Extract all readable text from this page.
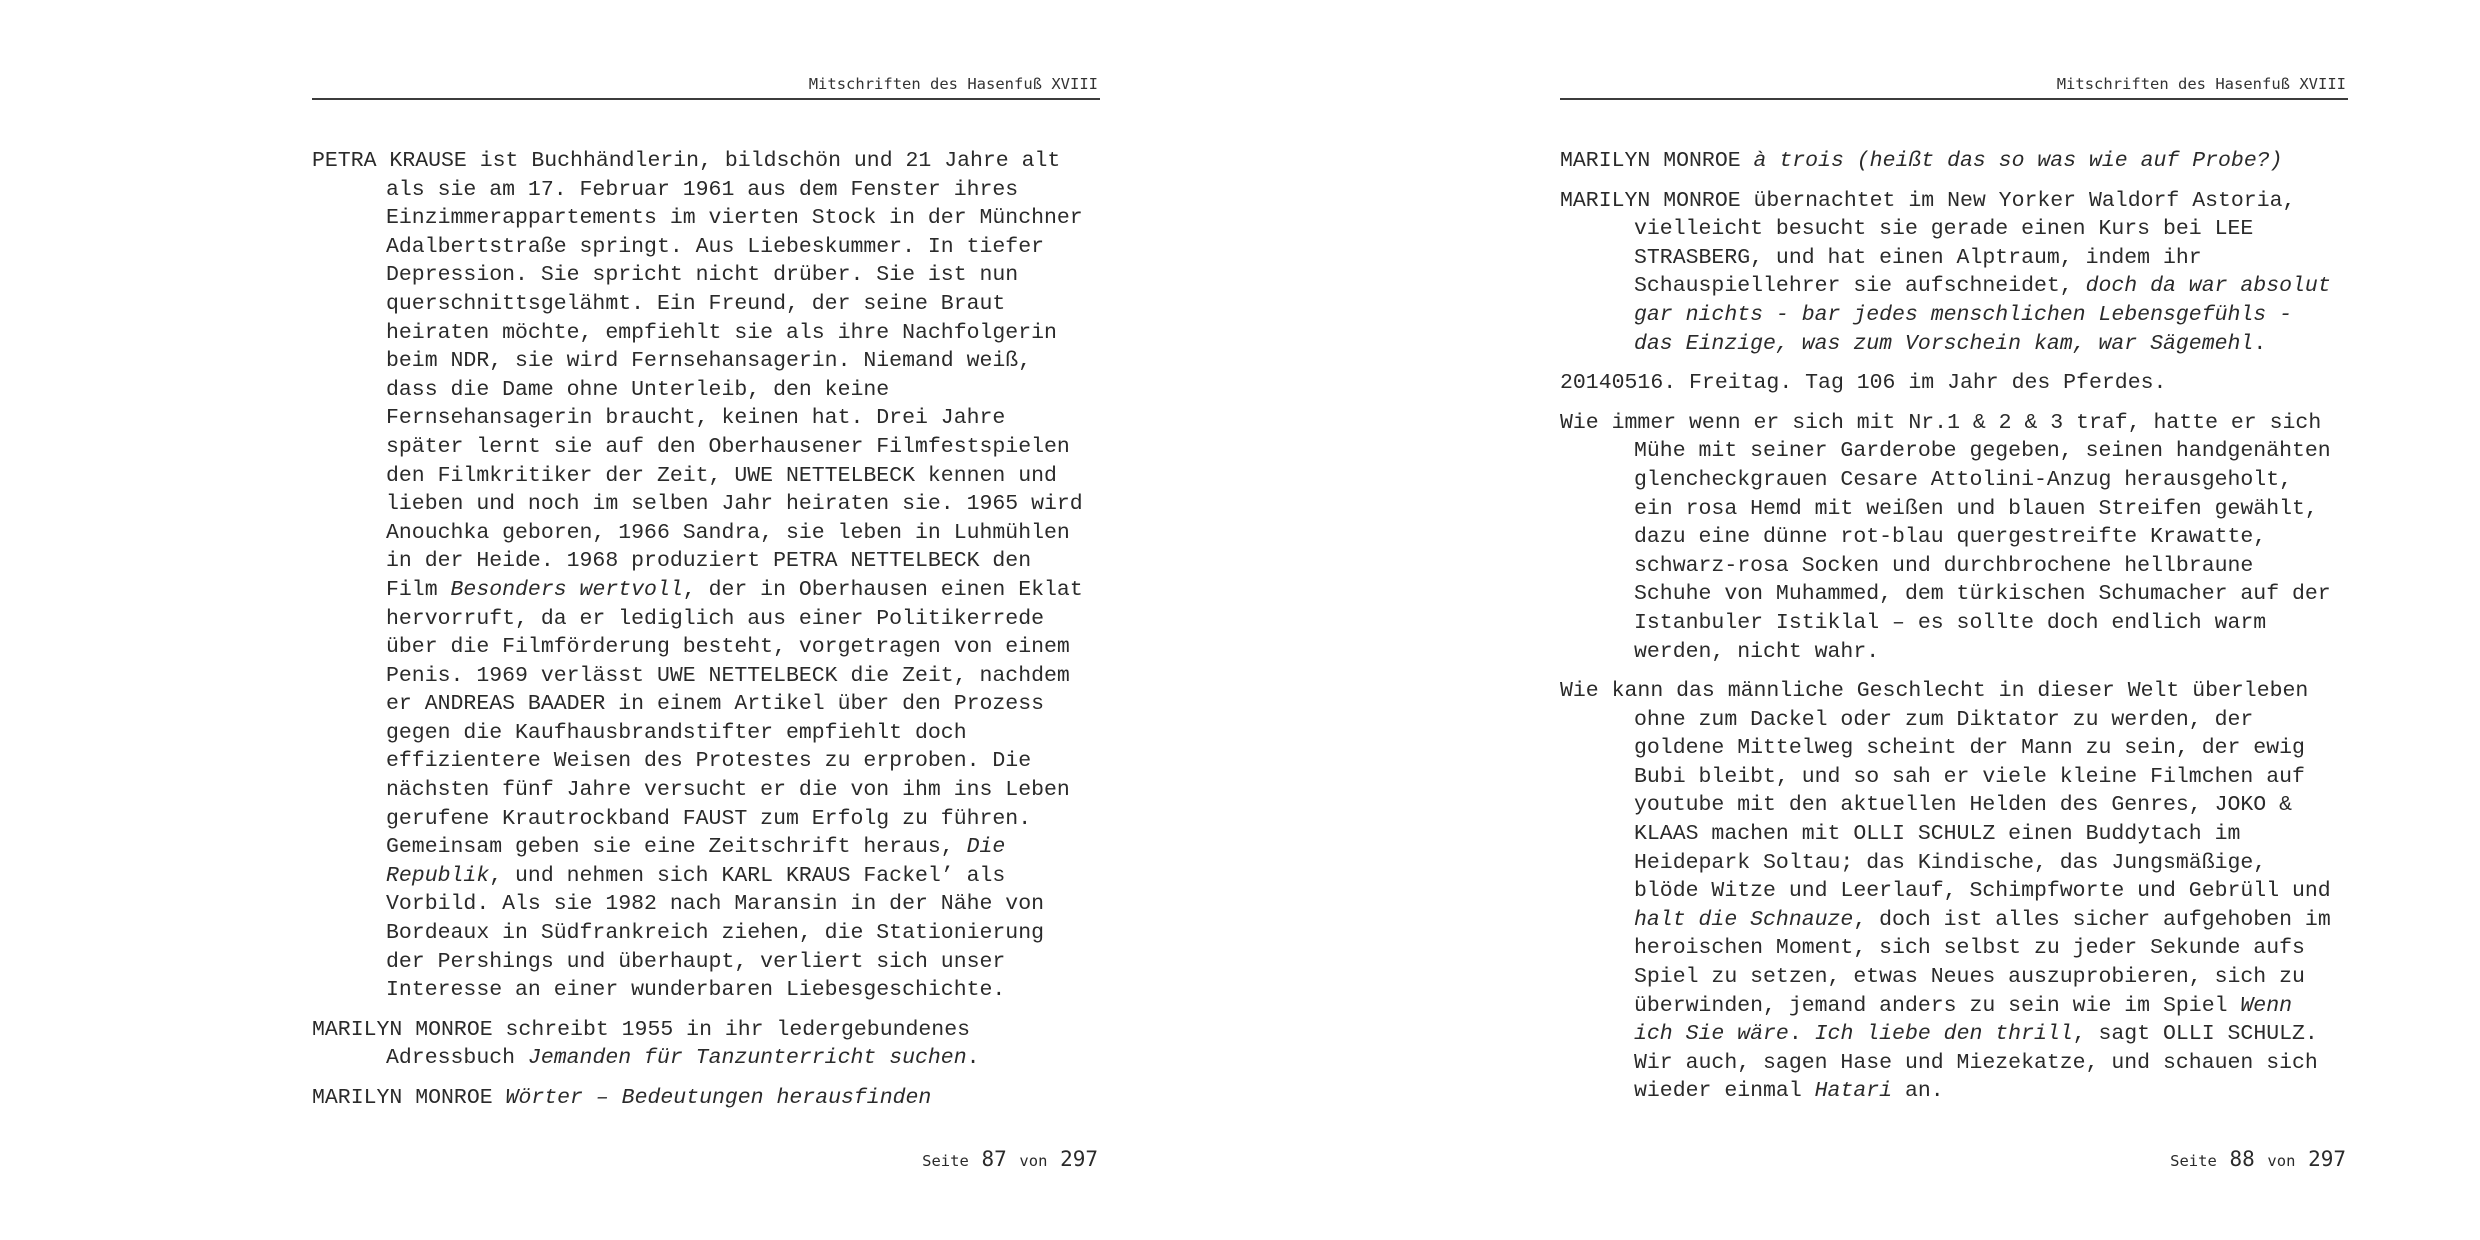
Mitschriften des Hasenfuß XVIII

PETRA KRAUSE ist Buchhändlerin, bildschön und 21 Jahre alt
als sie am 17. Februar 1961 aus dem Fenster ihres
Einzimmerappartements im vierten Stock in der Münchner
Adalbertstraße springt. Aus Liebeskummer. In tiefer
Depression. Sie spricht nicht drüber. Sie ist nun
querschnittsgelähmt. Ein Freund, der seine Braut
heiraten möchte, empfiehlt sie als ihre Nachfolgerin
beim NDR, sie wird Fernsehansagerin. Niemand weiß,
dass die Dame ohne Unterleib, den keine
Fernsehansagerin braucht, keinen hat. Drei Jahre
später lernt sie auf den Oberhausener Filmfestspielen
den Filmkritiker der Zeit, UWE NETTELBECK kennen und
lieben und noch im selben Jahr heiraten sie. 1965 wird
Anouchka geboren, 1966 Sandra, sie leben in Luhmühlen
in der Heide. 1968 produziert PETRA NETTELBECK den
Film Besonders wertvoll, der in Oberhausen einen Eklat
hervorruft, da er lediglich aus einer Politikerrede
über die Filmförderung besteht, vorgetragen von einem
Penis. 1969 verlässt UWE NETTELBECK die Zeit, nachdem
er ANDREAS BAADER in einem Artikel über den Prozess
gegen die Kaufhausbrandstifter empfiehlt doch
effizientere Weisen des Protestes zu erproben. Die
nächsten fünf Jahre versucht er die von ihm ins Leben
gerufene Krautrockband FAUST zum Erfolg zu führen.
Gemeinsam geben sie eine Zeitschrift heraus, Die
Republik, und nehmen sich KARL KRAUS Fackel’ als
Vorbild. Als sie 1982 nach Maransin in der Nähe von
Bordeaux in Südfrankreich ziehen, die Stationierung
der Pershings und überhaupt, verliert sich unser
Interesse an einer wunderbaren Liebesgeschichte.

MARILYN MONROE schreibt 1955 in ihr ledergebundenes
Adressbuch Jemanden für Tanzunterricht suchen.

MARILYN MONROE Wörter – Bedeutungen herausfinden

Seite 87 von 297
Mitschriften des Hasenfuß XVIII

MARILYN MONROE à trois (heißt das so was wie auf Probe?)

MARILYN MONROE übernachtet im New Yorker Waldorf Astoria,
vielleicht besucht sie gerade einen Kurs bei LEE
STRASBERG, und hat einen Alptraum, indem ihr
Schauspiellehrer sie aufschneidet, doch da war absolut
gar nichts - bar jedes menschlichen Lebensgefühls -
das Einzige, was zum Vorschein kam, war Sägemehl.

20140516. Freitag. Tag 106 im Jahr des Pferdes.

Wie immer wenn er sich mit Nr.1 & 2 & 3 traf, hatte er sich
Mühe mit seiner Garderobe gegeben, seinen handgenähten
glencheckgrauen Cesare Attolini-Anzug herausgeholt,
ein rosa Hemd mit weißen und blauen Streifen gewählt,
dazu eine dünne rot-blau quergestreifte Krawatte,
schwarz-rosa Socken und durchbrochene hellbraune
Schuhe von Muhammed, dem türkischen Schumacher auf der
Istanbuler Istiklal – es sollte doch endlich warm
werden, nicht wahr.

Wie kann das männliche Geschlecht in dieser Welt überleben
ohne zum Dackel oder zum Diktator zu werden, der
goldene Mittelweg scheint der Mann zu sein, der ewig
Bubi bleibt, und so sah er viele kleine Filmchen auf
youtube mit den aktuellen Helden des Genres, JOKO &
KLAAS machen mit OLLI SCHULZ einen Buddytach im
Heidepark Soltau; das Kindische, das Jungsmäßige,
blöde Witze und Leerlauf, Schimpfworte und Gebrüll und
halt die Schnauze, doch ist alles sicher aufgehoben im
heroischen Moment, sich selbst zu jeder Sekunde aufs
Spiel zu setzen, etwas Neues auszuprobieren, sich zu
überwinden, jemand anders zu sein wie im Spiel Wenn
ich Sie wäre. Ich liebe den thrill, sagt OLLI SCHULZ.
Wir auch, sagen Hase und Miezekatze, und schauen sich
wieder einmal Hatari an.

Seite 88 von 297
